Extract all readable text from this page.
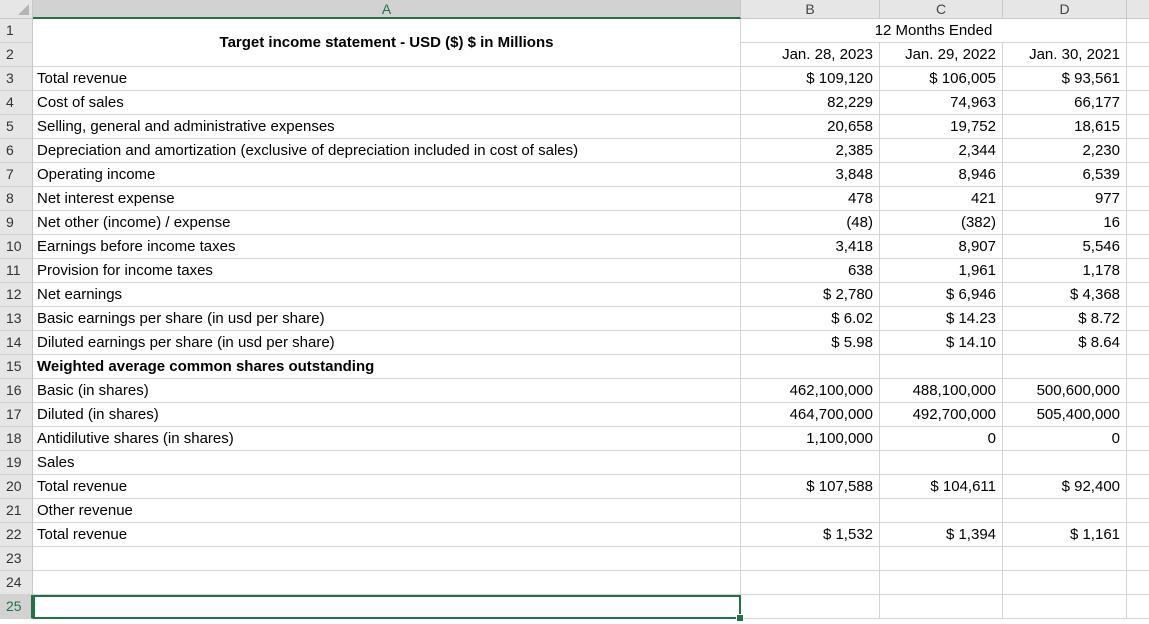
A	B	C	D
1
2
3
4
5
6
7
8
9
10
11
12
13
14
15
16
17
18
19
20
21
22
23
24
25
Target income statement - USD ($) $ in Millions
12 Months Ended
Jan. 28, 2023	Jan. 29, 2022	Jan. 30, 2021
Total revenue	$ 109,120	$ 106,005	$ 93,561
Cost of sales	82,229	74,963	66,177
Selling, general and administrative expenses	20,658	19,752	18,615
Depreciation and amortization (exclusive of depreciation included in cost of sales)	2,385	2,344	2,230
Operating income	3,848	8,946	6,539
Net interest expense	478	421	977
Net other (income) / expense	(48)	(382)	16
Earnings before income taxes	3,418	8,907	5,546
Provision for income taxes	638	1,961	1,178
Net earnings	$ 2,780	$ 6,946	$ 4,368
Basic earnings per share (in usd per share)	$ 6.02	$ 14.23	$ 8.72
Diluted earnings per share (in usd per share)	$ 5.98	$ 14.10	$ 8.64
Weighted average common shares outstanding
Basic (in shares)	462,100,000	488,100,000	500,600,000
Diluted (in shares)	464,700,000	492,700,000	505,400,000
Antidilutive shares (in shares)	1,100,000	0	0
Sales
Total revenue	$ 107,588	$ 104,611	$ 92,400
Other revenue
Total revenue	$ 1,532	$ 1,394	$ 1,161
